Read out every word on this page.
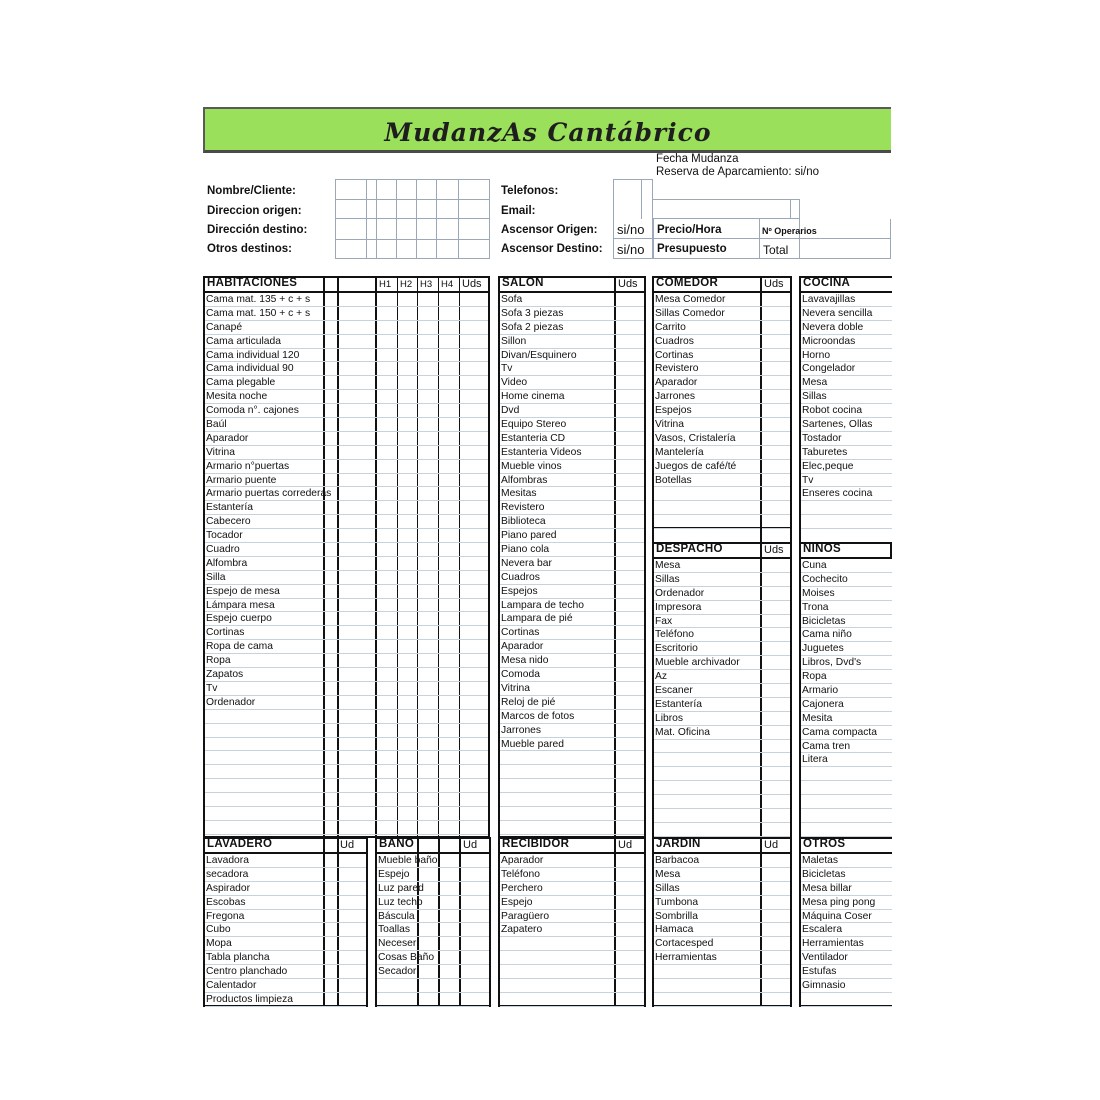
MudanzAs Cantábrico
Fecha Mudanza
Reserva de Aparcamiento: si/no
Nombre/Cliente:
Direccion origen:
Dirección destino:
Otros destinos:
Telefonos:
Email:
Ascensor Origen:
Ascensor Destino:
si/no
si/no
Precio/Hora
Presupuesto
Nº Operarios
Total
HABITACIONES	H1 H2 H3 H4 Uds
Cama mat. 135 + c + s
Cama mat. 150 + c + s
Canapé
Cama articulada
Cama individual 120
Cama individual 90
Cama plegable
Mesita noche
Comoda n°. cajones
Baúl
Aparador
Vitrina
Armario n°puertas
Armario puente
Armario puertas correderas
Estantería
Cabecero
Tocador
Cuadro
Alfombra
Silla
Espejo de mesa
Lámpara mesa
Espejo cuerpo
Cortinas
Ropa de cama
Ropa
Zapatos
Tv
Ordenador
SALON	Uds
Sofa
Sofa 3 piezas
Sofa 2 piezas
Sillon
Divan/Esquinero
Tv
Video
Home cinema
Dvd
Equipo Stereo
Estanteria CD
Estanteria Videos
Mueble vinos
Alfombras
Mesitas
Revistero
Biblioteca
Piano pared
Piano cola
Nevera bar
Cuadros
Espejos
Lampara de techo
Lampara de pié
Cortinas
Aparador
Mesa nido
Comoda
Vitrina
Reloj de pié
Marcos de fotos
Jarrones
Mueble pared
COMEDOR	Uds
Mesa Comedor
Sillas Comedor
Carrito
Cuadros
Cortinas
Revistero
Aparador
Jarrones
Espejos
Vitrina
Vasos, Cristalería
Mantelería
Juegos de café/té
Botellas
COCINA
Lavavajillas
Nevera sencilla
Nevera doble
Microondas
Horno
Congelador
Mesa
Sillas
Robot cocina
Sartenes, Ollas
Tostador
Taburetes
Elec,peque
Tv
Enseres cocina
DESPACHO	Uds
Mesa
Sillas
Ordenador
Impresora
Fax
Teléfono
Escritorio
Mueble archivador
Az
Escaner
Estantería
Libros
Mat. Oficina
NINOS
Cuna
Cochecito
Moises
Trona
Bicicletas
Cama niño
Juguetes
Libros, Dvd's
Ropa
Armario
Cajonera
Mesita
Cama compacta
Cama tren
Litera
LAVADERO	Ud
Lavadora
secadora
Aspirador
Escobas
Fregona
Cubo
Mopa
Tabla plancha
Centro planchado
Calentador
Productos limpieza
BAÑO	Ud
Mueble baño
Espejo
Luz pared
Luz techo
Báscula
Toallas
Neceser
Cosas Baño
Secador
RECIBIDOR	Ud
Aparador
Teléfono
Perchero
Espejo
Paragüero
Zapatero
JARDIN	Ud
Barbacoa
Mesa
Sillas
Tumbona
Sombrilla
Hamaca
Cortacesped
Herramientas
OTROS
Maletas
Bicicletas
Mesa billar
Mesa ping pong
Máquina Coser
Escalera
Herramientas
Ventilador
Estufas
Gimnasio
